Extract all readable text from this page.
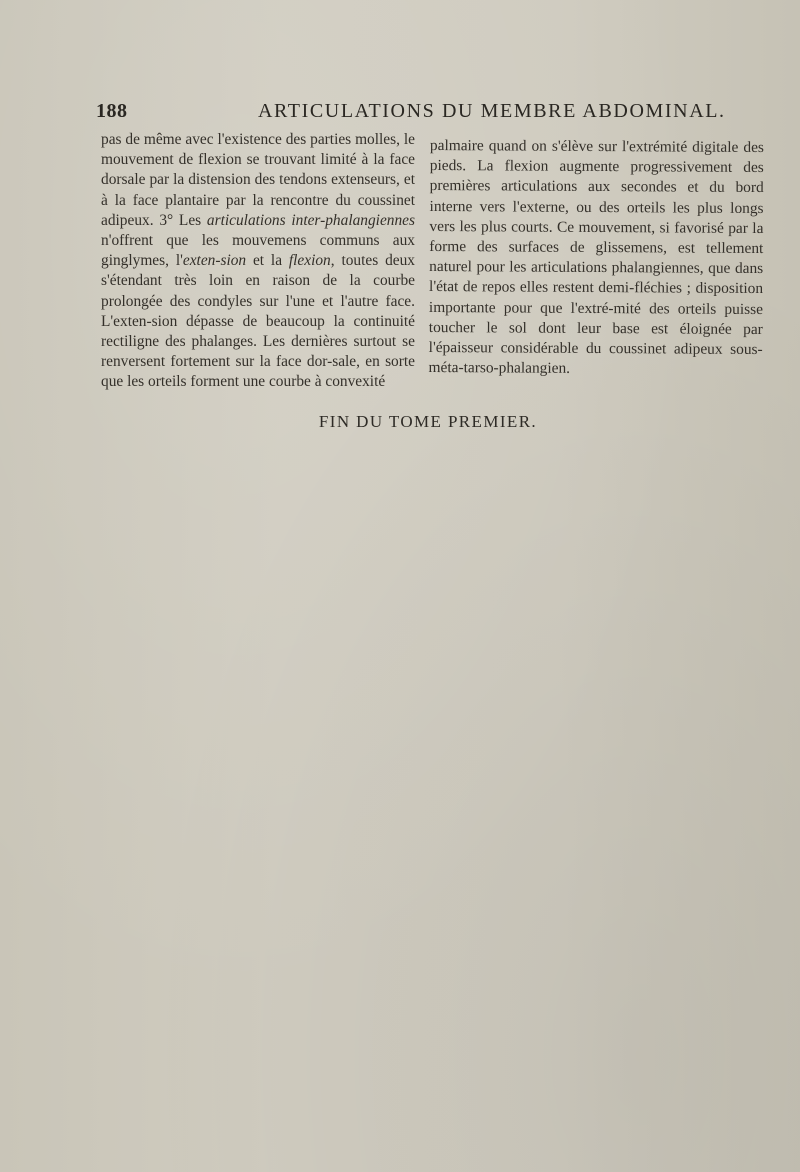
188	ARTICULATIONS DU MEMBRE ABDOMINAL.

pas de même avec l'existence des parties molles, le mouvement de flexion se trouvant limité à la face dorsale par la distension des tendons extenseurs, et à la face plantaire par la rencontre du coussinet adipeux. 3° Les articulations inter-phalangiennes n'offrent que les mouvemens communs aux ginglymes, l'exten-sion et la flexion, toutes deux s'étendant très loin en raison de la courbe prolongée des condyles sur l'une et l'autre face. L'exten-sion dépasse de beaucoup la continuité rectiligne des phalanges. Les dernières surtout se renversent fortement sur la face dor-sale, en sorte que les orteils forment une courbe à convexité

palmaire quand on s'élève sur l'extrémité digitale des pieds. La flexion augmente progressivement des premières articulations aux secondes et du bord interne vers l'externe, ou des orteils les plus longs vers les plus courts. Ce mouvement, si favorisé par la forme des surfaces de glissemens, est tellement naturel pour les articulations phalangiennes, que dans l'état de repos elles restent demi-fléchies ; disposition importante pour que l'extré-mité des orteils puisse toucher le sol dont leur base est éloignée par l'épaisseur considérable du coussinet adipeux sous-méta-tarso-phalangien.

FIN DU TOME PREMIER.
